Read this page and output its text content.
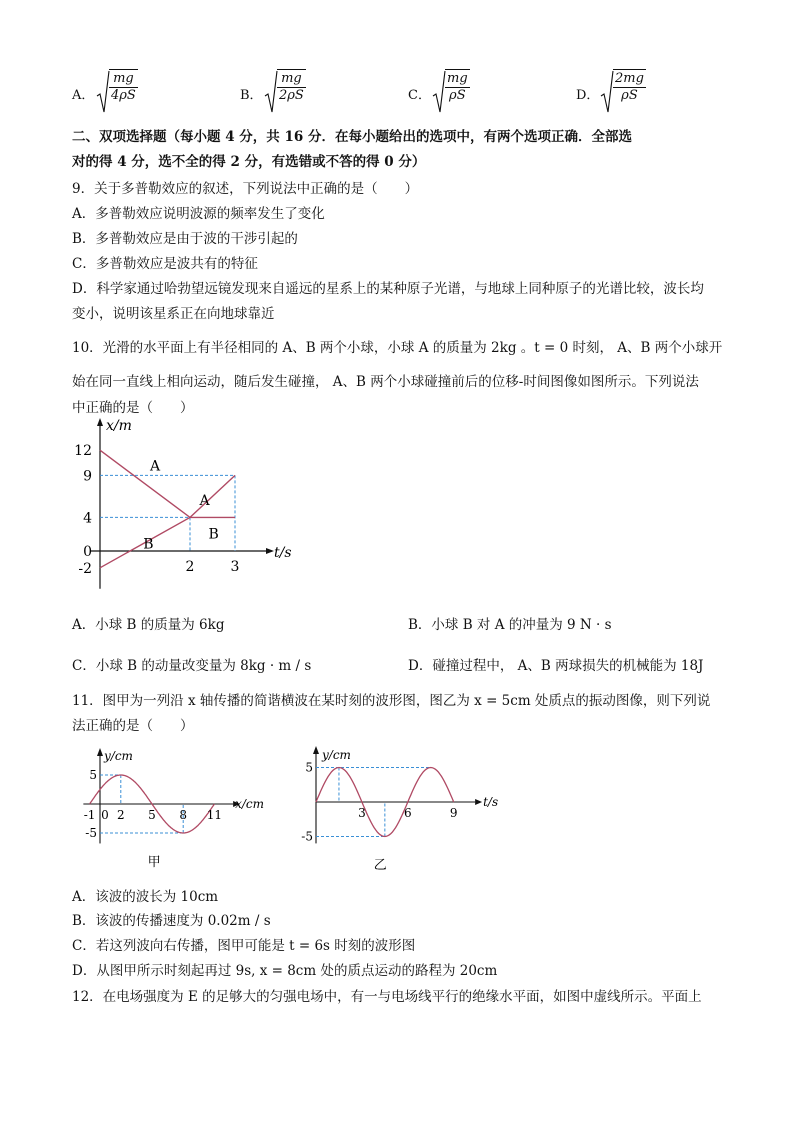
A． $\frac{mg}{4\rho S}$	B． $\frac{mg}{2\rho S}$	C． $\frac{mg}{\rho S}$	D． $\frac{2mg}{\rho S}$
二、双项选择题（每小题 4 分，共 16 分．在每小题给出的选项中，有两个选项正确．全部选
对的得 4 分，选不全的得 2 分，有选错或不答的得 0 分）
9．关于多普勒效应的叙述，下列说法中正确的是（　　）
A．多普勒效应说明波源的频率发生了变化
B．多普勒效应是由于波的干涉引起的
C．多普勒效应是波共有的特征
D．科学家通过哈勃望远镜发现来自遥远的星系上的某种原子光谱，与地球上同种原子的光谱比较，波长均
变小，说明该星系正在向地球靠近
10．光滑的水平面上有半径相同的 A、B 两个小球，小球 A 的质量为 2kg 。t = 0 时刻， A、B 两个小球开
始在同一直线上相向运动，随后发生碰撞， A、B 两个小球碰撞前后的位移-时间图像如图所示。下列说法
中正确的是（　　）
x/m
t/s
12
9
4
0
-2	2	3
A
A
B
B
A．小球 B 的质量为 6kg	B．小球 B 对 A 的冲量为 9 N · s
C．小球 B 的动量改变量为 8kg · m / s	D．碰撞过程中， A、B 两球损失的机械能为 18J
11．图甲为一列沿 x 轴传播的简谐横波在某时刻的波形图，图乙为 x = 5cm 处质点的振动图像，则下列说
法正确的是（　　）
y/cm
x/cm
-1 0 2 5 8 11
5
-5
甲
y/cm
t/s
3	6	9
5
-5
乙
A．该波的波长为 10cm
B．该波的传播速度为 0.02m / s
C．若这列波向右传播，图甲可能是 t = 6s 时刻的波形图
D．从图甲所示时刻起再过 9s, x = 8cm 处的质点运动的路程为 20cm
12．在电场强度为 E 的足够大的匀强电场中，有一与电场线平行的绝缘水平面，如图中虚线所示。平面上
